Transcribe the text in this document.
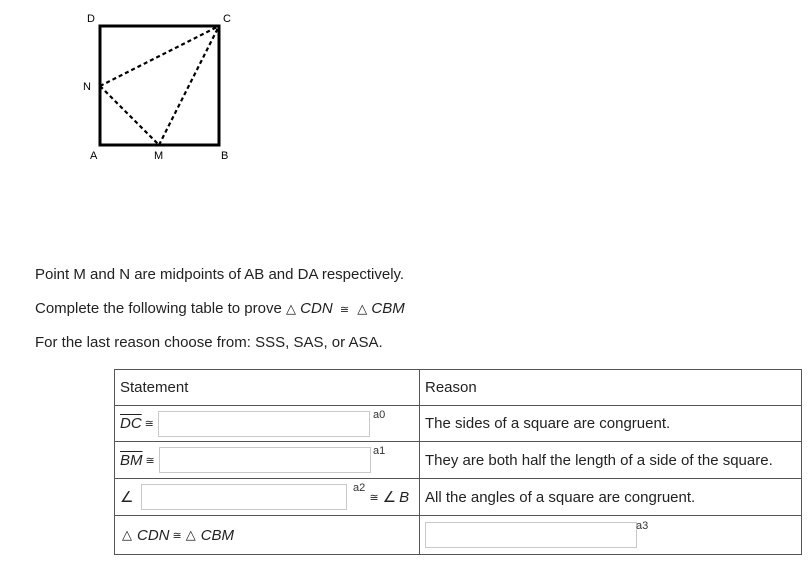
D	C
N
A	M	B
Point M and N are midpoints of AB and DA respectively.
Complete the following table to prove △ CDN ≅ △ CBM
For the last reason choose from: SSS, SAS, or ASA.
Statement	Reason

$\overline{DC}$ ≅
a0	The sides of a square are congruent.

$\overline{BM}$ ≅
a1	They are both half the length of a side of the square.

∠
a2
≅ ∠ B	All the angles of a square are congruent.

△ CDN ≅ △ CBM	a3
